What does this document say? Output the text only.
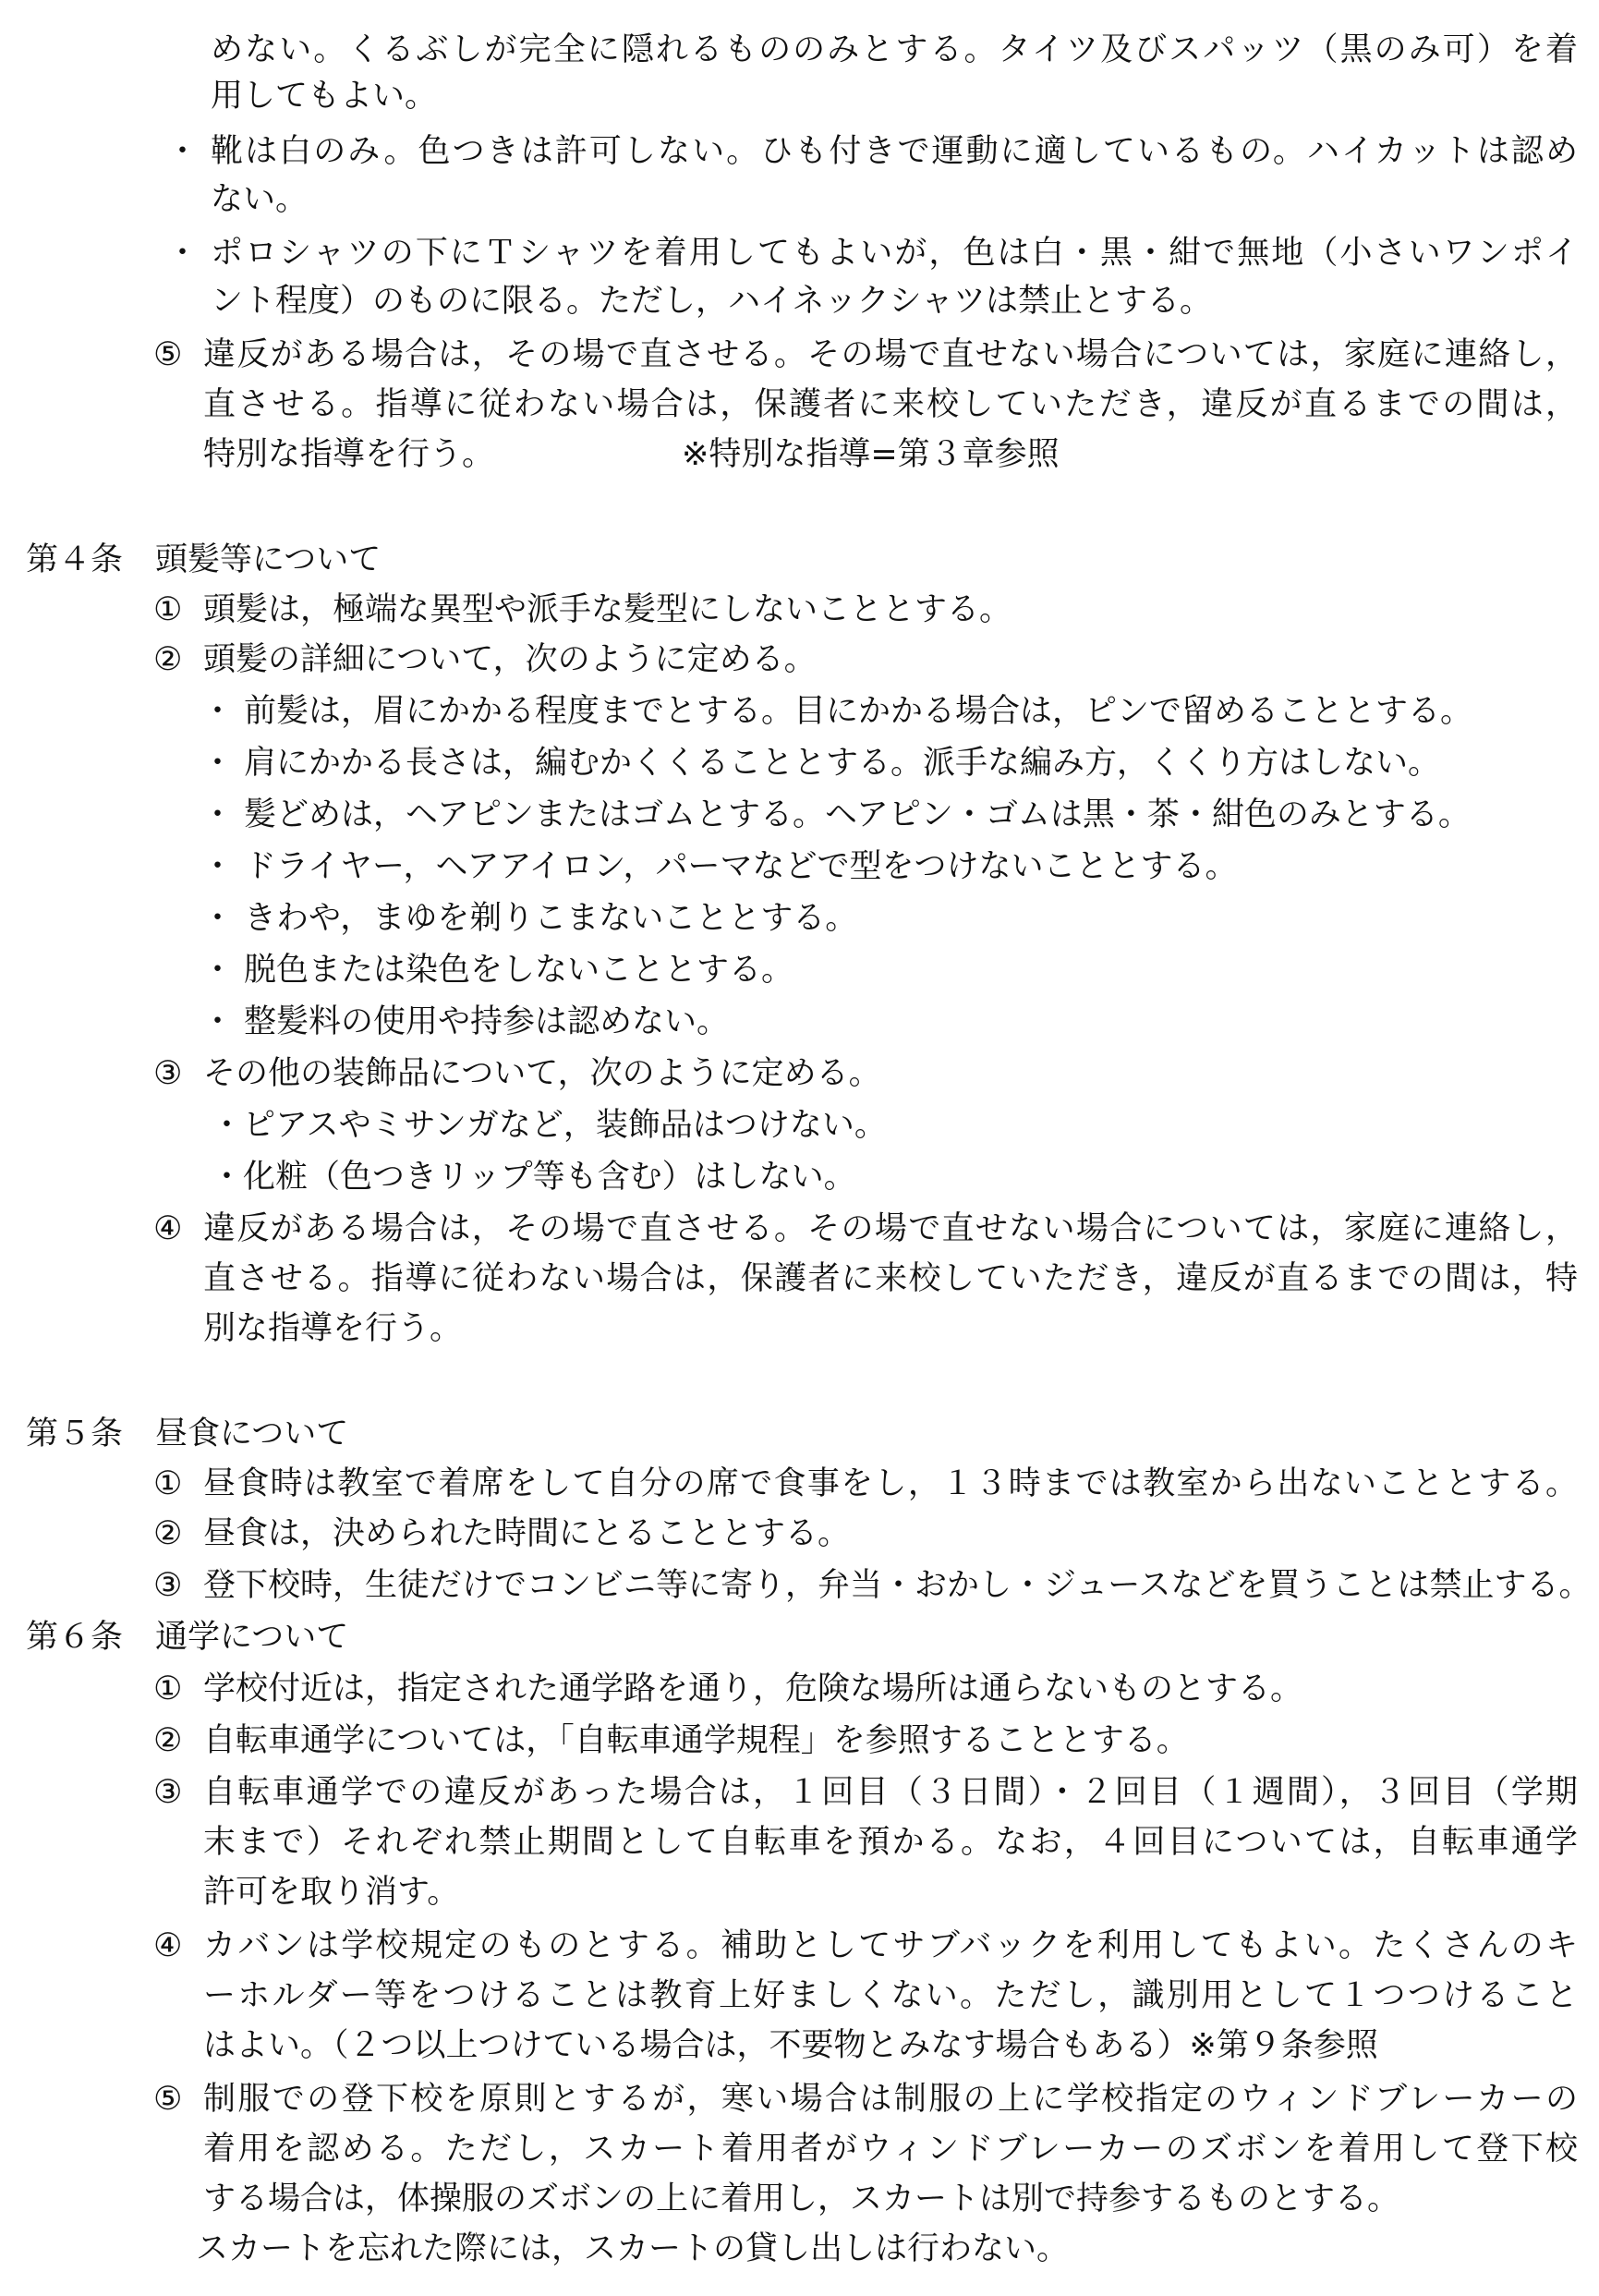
めない。くるぶしが完全に隠れるもののみとする。タイツ及びスパッツ（黒のみ可）を着
用してもよい。
・ 靴は白のみ。色つきは許可しない。ひも付きで運動に適しているもの。ハイカットは認め
ない。
・ ポロシャツの下にＴシャツを着用してもよいが，色は白・黒・紺で無地（小さいワンポイ
ント程度）のものに限る。ただし，ハイネックシャツは禁止とする。
⑤ 違反がある場合は，その場で直させる。その場で直せない場合については，家庭に連絡し，
直させる。指導に従わない場合は，保護者に来校していただき，違反が直るまでの間は，
特別な指導を行う。	※特別な指導=第３章参照
第４条　頭髪等について
① 頭髪は，極端な異型や派手な髪型にしないこととする。
② 頭髪の詳細について，次のように定める。
・ 前髪は，眉にかかる程度までとする。目にかかる場合は，ピンで留めることとする。
・ 肩にかかる長さは，編むかくくることとする。派手な編み方，くくり方はしない。
・ 髪どめは，ヘアピンまたはゴムとする。ヘアピン・ゴムは黒・茶・紺色のみとする。
・ ドライヤー，ヘアアイロン，パーマなどで型をつけないこととする。
・ きわや，まゆを剃りこまないこととする。
・ 脱色または染色をしないこととする。
・ 整髪料の使用や持参は認めない。
③ その他の装飾品について，次のように定める。
・ピアスやミサンガなど，装飾品はつけない。
・化粧（色つきリップ等も含む）はしない。
④ 違反がある場合は，その場で直させる。その場で直せない場合については，家庭に連絡し，
直させる。指導に従わない場合は，保護者に来校していただき，違反が直るまでの間は，特
別な指導を行う。
第５条　昼食について
① 昼食時は教室で着席をして自分の席で食事をし，１３時までは教室から出ないこととする。
② 昼食は，決められた時間にとることとする。
③ 登下校時，生徒だけでコンビニ等に寄り，弁当・おかし・ジュースなどを買うことは禁止する。
第６条　通学について
① 学校付近は，指定された通学路を通り，危険な場所は通らないものとする。
② 自転車通学については，「自転車通学規程」を参照することとする。
③ 自転車通学での違反があった場合は，１回目（３日間）・２回目（１週間），３回目（学期
末まで）それぞれ禁止期間として自転車を預かる。なお，４回目については，自転車通学
許可を取り消す。
④ カバンは学校規定のものとする。補助としてサブバックを利用してもよい。たくさんのキ
ーホルダー等をつけることは教育上好ましくない。ただし，識別用として１つつけること
はよい。（２つ以上つけている場合は，不要物とみなす場合もある）※第９条参照
⑤ 制服での登下校を原則とするが，寒い場合は制服の上に学校指定のウィンドブレーカーの
着用を認める。ただし，スカート着用者がウィンドブレーカーのズボンを着用して登下校
する場合は，体操服のズボンの上に着用し，スカートは別で持参するものとする。
スカートを忘れた際には，スカートの貸し出しは行わない。
